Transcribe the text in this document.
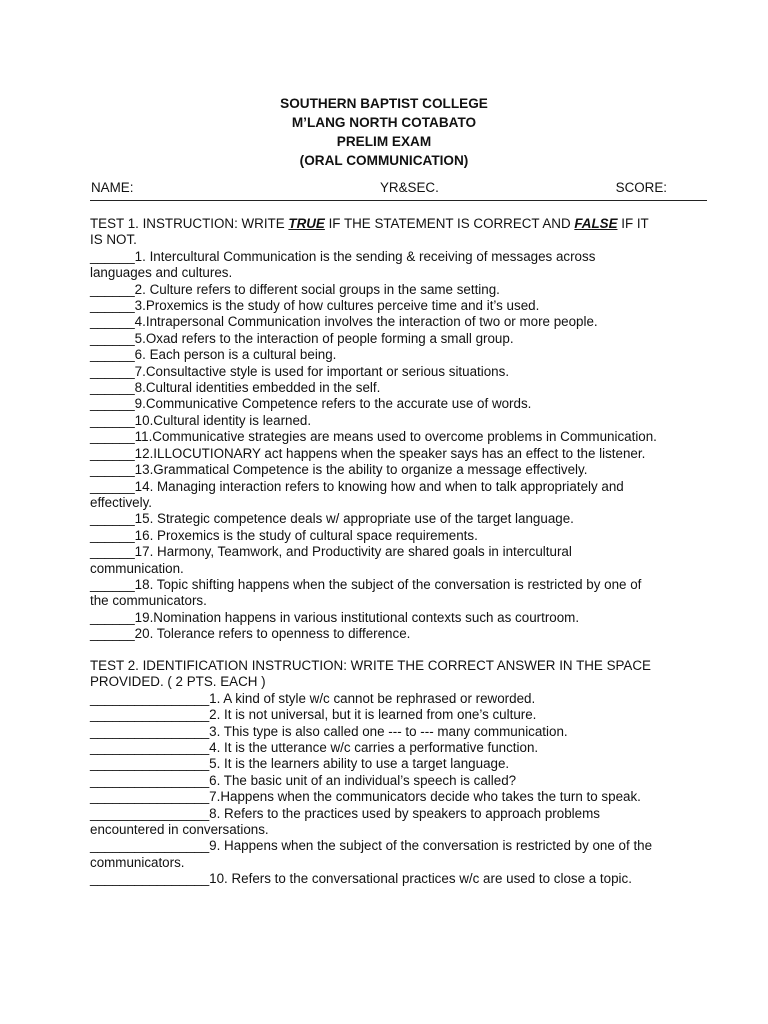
SOUTHERN BAPTIST COLLEGE
M’LANG NORTH COTABATO
PRELIM EXAM
(ORAL COMMUNICATION)
NAME:	YR&SEC.	SCORE:
TEST 1. INSTRUCTION: WRITE TRUE IF THE STATEMENT IS CORRECT AND FALSE IF IT
IS NOT.
______1. Intercultural Communication is the sending & receiving of messages across
languages and cultures.
______2. Culture refers to different social groups in the same setting.
______3.Proxemics is the study of how cultures perceive time and it’s used.
______4.Intrapersonal Communication involves the interaction of two or more people.
______5.Oxad refers to the interaction of people forming a small group.
______6. Each person is a cultural being.
______7.Consultactive style is used for important or serious situations.
______8.Cultural identities embedded in the self.
______9.Communicative Competence refers to the accurate use of words.
______10.Cultural identity is learned.
______11.Communicative strategies are means used to overcome problems in Communication.
______12.ILLOCUTIONARY act happens when the speaker says has an effect to the listener.
______13.Grammatical Competence is the ability to organize a message effectively.
______14. Managing interaction refers to knowing how and when to talk appropriately and
effectively.
______15. Strategic competence deals w/ appropriate use of the target language.
______16. Proxemics is the study of cultural space requirements.
______17. Harmony, Teamwork, and Productivity are shared goals in intercultural
communication.
______18. Topic shifting happens when the subject of the conversation is restricted by one of
the communicators.
______19.Nomination happens in various institutional contexts such as courtroom.
______20. Tolerance refers to openness to difference.
TEST 2. IDENTIFICATION INSTRUCTION: WRITE THE CORRECT ANSWER IN THE SPACE
PROVIDED. ( 2 PTS. EACH )
________________1. A kind of style w/c cannot be rephrased or reworded.
________________2. It is not universal, but it is learned from one’s culture.
________________3. This type is also called one --- to --- many communication.
________________4. It is the utterance w/c carries a performative function.
________________5. It is the learners ability to use a target language.
________________6. The basic unit of an individual’s speech is called?
________________7.Happens when the communicators decide who takes the turn to speak.
________________8. Refers to the practices used by speakers to approach problems
encountered in conversations.
________________9. Happens when the subject of the conversation is restricted by one of the
communicators.
________________10. Refers to the conversational practices w/c are used to close a topic.
